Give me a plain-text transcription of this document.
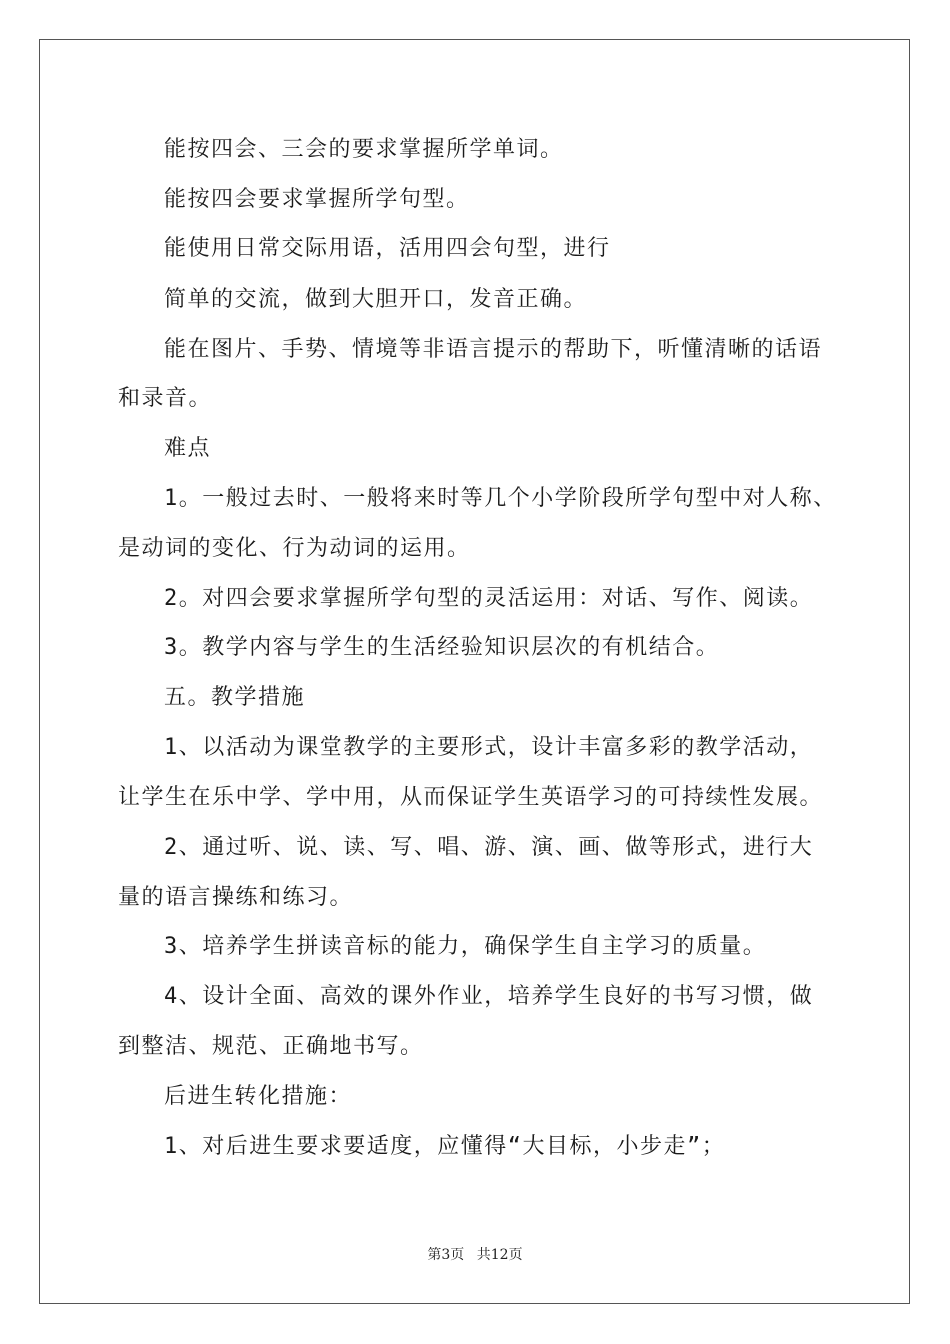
能按四会、三会的要求掌握所学单词。
能按四会要求掌握所学句型。
能使用日常交际用语，活用四会句型，进行
简单的交流，做到大胆开口，发音正确。
能在图片、手势、情境等非语言提示的帮助下，听懂清晰的话语
和录音。
难点
1。一般过去时、一般将来时等几个小学阶段所学句型中对人称、
是动词的变化、行为动词的运用。
2。对四会要求掌握所学句型的灵活运用：对话、写作、阅读。
3。教学内容与学生的生活经验知识层次的有机结合。
五。教学措施
1、以活动为课堂教学的主要形式，设计丰富多彩的教学活动，
让学生在乐中学、学中用，从而保证学生英语学习的可持续性发展。
2、通过听、说、读、写、唱、游、演、画、做等形式，进行大
量的语言操练和练习。
3、培养学生拼读音标的能力，确保学生自主学习的质量。
4、设计全面、高效的课外作业，培养学生良好的书写习惯，做
到整洁、规范、正确地书写。
后进生转化措施：
1、对后进生要求要适度，应懂得“大目标，小步走”；
第3页 共12页
